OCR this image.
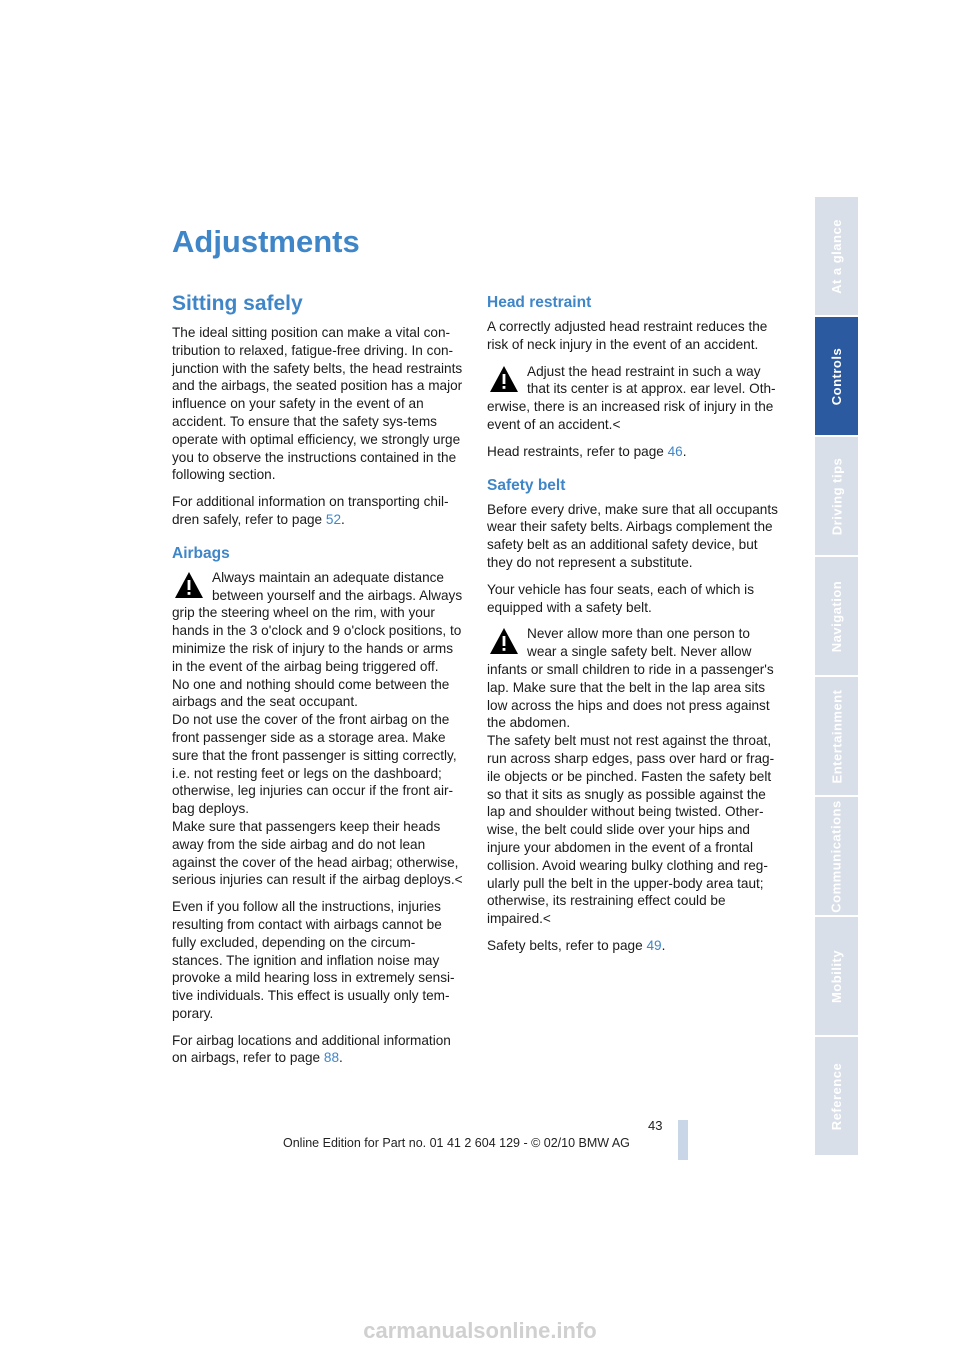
Adjustments
Sitting safely

The ideal sitting position can make a vital con-tribution to relaxed, fatigue-free driving. In con-junction with the safety belts, the head restraints and the airbags, the seated position has a major influence on your safety in the event of an accident. To ensure that the safety sys-tems operate with optimal efficiency, we strongly urge you to observe the instructions contained in the following section.

For additional information on transporting chil-dren safely, refer to page 52.

Airbags

Always maintain an adequate distance between yourself and the airbags. Always grip the steering wheel on the rim, with your hands in the 3 o'clock and 9 o'clock positions, to minimize the risk of injury to the hands or arms in the event of the airbag being triggered off.

No one and nothing should come between the airbags and the seat occupant.

Do not use the cover of the front airbag on the front passenger side as a storage area. Make sure that the front passenger is sitting correctly, i.e. not resting feet or legs on the dashboard; otherwise, leg injuries can occur if the front air-bag deploys.

Make sure that passengers keep their heads away from the side airbag and do not lean against the cover of the head airbag; otherwise, serious injuries can result if the airbag deploys.<

Even if you follow all the instructions, injuries resulting from contact with airbags cannot be fully excluded, depending on the circum-stances. The ignition and inflation noise may provoke a mild hearing loss in extremely sensi-tive individuals. This effect is usually only tem-porary.

For airbag locations and additional information on airbags, refer to page 88.

Head restraint

A correctly adjusted head restraint reduces the risk of neck injury in the event of an accident.

Adjust the head restraint in such a way that its center is at approx. ear level. Oth-erwise, there is an increased risk of injury in the event of an accident.<

Head restraints, refer to page 46.

Safety belt

Before every drive, make sure that all occupants wear their safety belts. Airbags complement the safety belt as an additional safety device, but they do not represent a substitute.

Your vehicle has four seats, each of which is equipped with a safety belt.

Never allow more than one person to wear a single safety belt. Never allow infants or small children to ride in a passenger's lap. Make sure that the belt in the lap area sits low across the hips and does not press against the abdomen.

The safety belt must not rest against the throat, run across sharp edges, pass over hard or frag-ile objects or be pinched. Fasten the safety belt so that it sits as snugly as possible against the lap and shoulder without being twisted. Other-wise, the belt could slide over your hips and injure your abdomen in the event of a frontal collision. Avoid wearing bulky clothing and reg-ularly pull the belt in the upper-body area taut; otherwise, its restraining effect could be impaired.<

Safety belts, refer to page 49.

At a glance
Controls
Driving tips
Navigation
Entertainment
Communications
Mobility
Reference
43
Online Edition for Part no. 01 41 2 604 129 - © 02/10 BMW AG
carmanualsonline.info
